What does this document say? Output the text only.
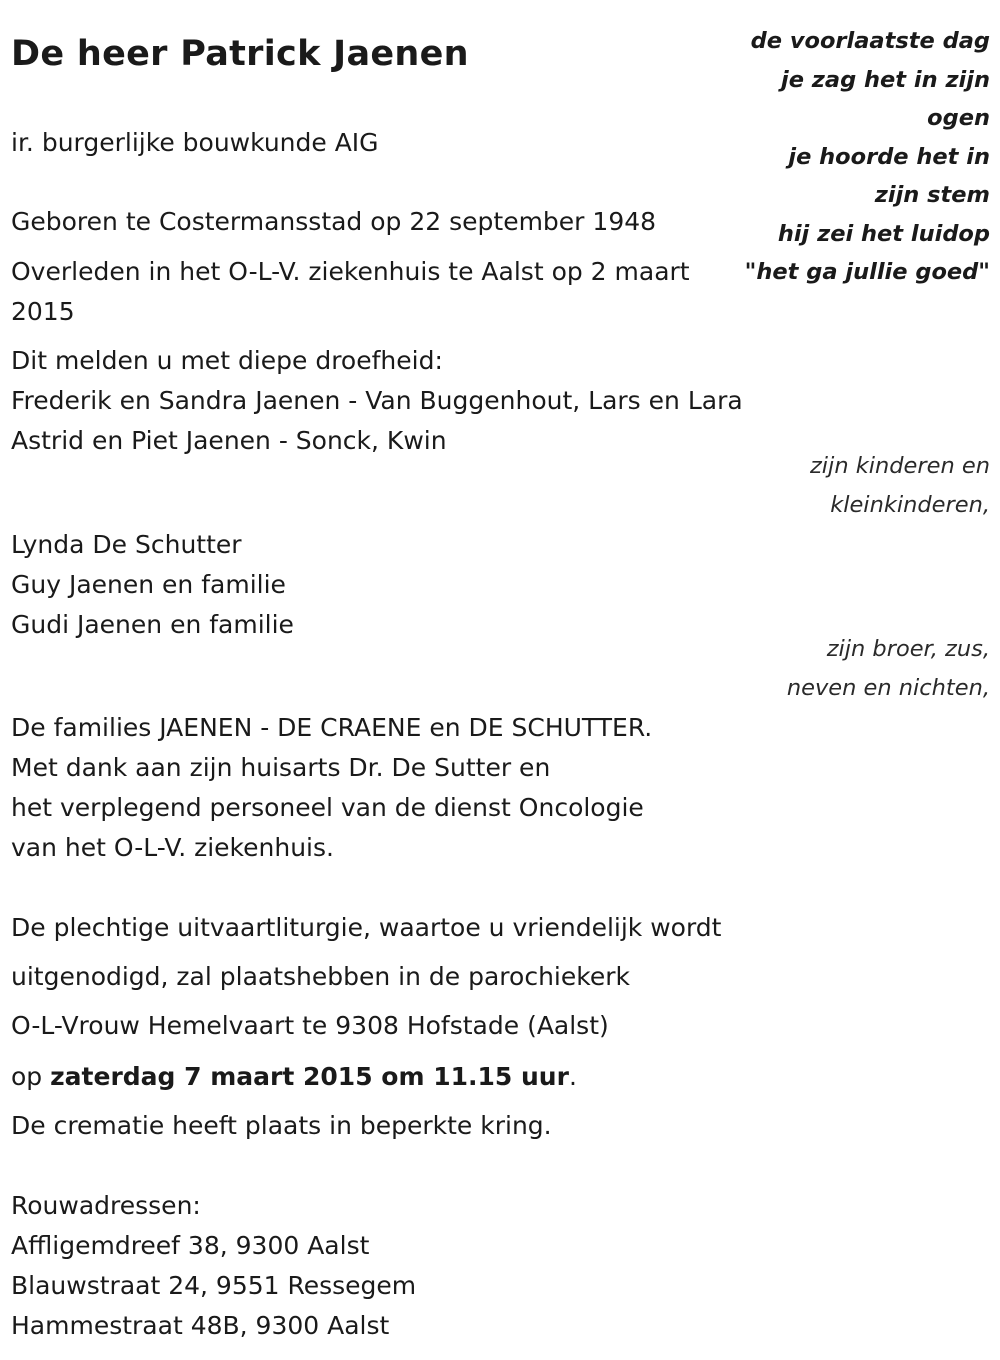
De heer Patrick Jaenen	de voorlaatste dag
je zag het in zijn
ogen
je hoorde het in
zijn stem
hij zei het luidop
"het ga jullie goed"
ir. burgerlijke bouwkunde AIG
Geboren te Costermansstad op 22 september 1948
Overleden in het O-L-V. ziekenhuis te Aalst op 2 maart
2015
Dit melden u met diepe droefheid:
Frederik en Sandra Jaenen - Van Buggenhout, Lars en Lara
Astrid en Piet Jaenen - Sonck, Kwin
zijn kinderen en
kleinkinderen,
Lynda De Schutter
Guy Jaenen en familie
Gudi Jaenen en familie
zijn broer, zus,
neven en nichten,
De families JAENEN - DE CRAENE en DE SCHUTTER.
Met dank aan zijn huisarts Dr. De Sutter en
het verplegend personeel van de dienst Oncologie
van het O-L-V. ziekenhuis.
De plechtige uitvaartliturgie, waartoe u vriendelijk wordt
uitgenodigd, zal plaatshebben in de parochiekerk
O-L-Vrouw Hemelvaart te 9308 Hofstade (Aalst)
op zaterdag 7 maart 2015 om 11.15 uur.
De crematie heeft plaats in beperkte kring.
Rouwadressen:
Affligemdreef 38, 9300 Aalst
Blauwstraat 24, 9551 Ressegem
Hammestraat 48B, 9300 Aalst
